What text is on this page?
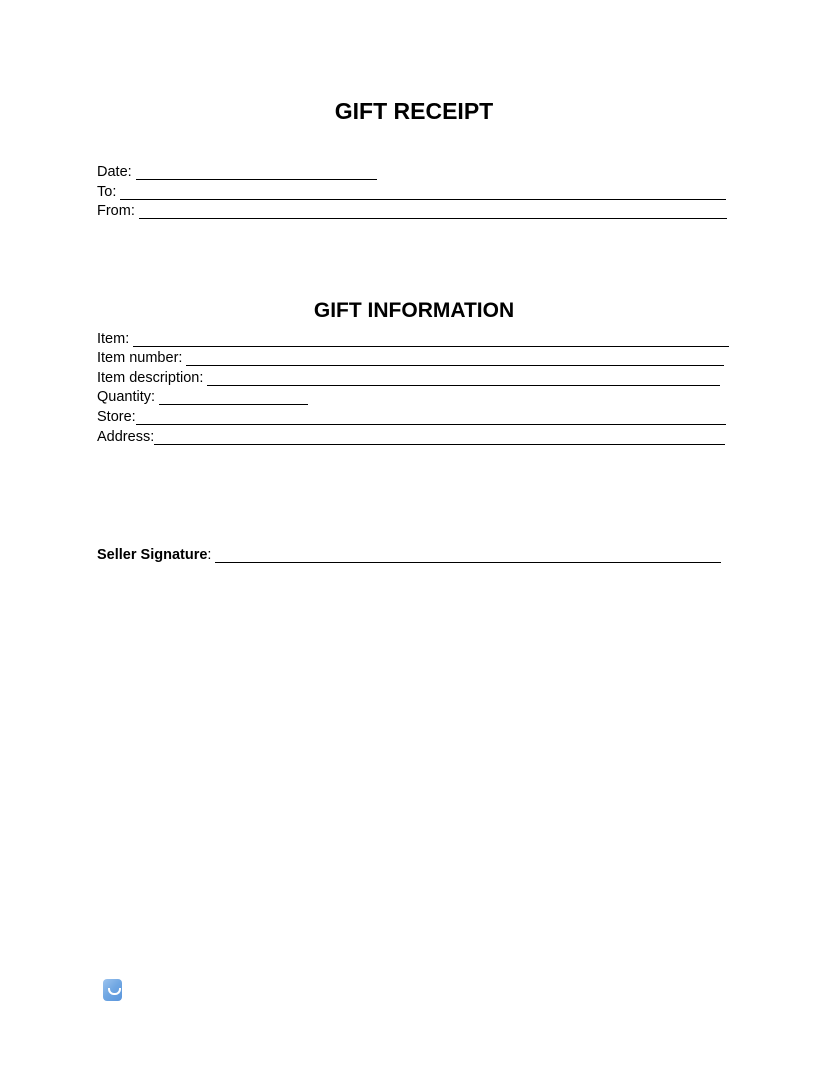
GIFT RECEIPT
Date:
To:
From:
GIFT INFORMATION
Item:
Item number:
Item description:
Quantity:
Store:
Address:
Seller Signature :
